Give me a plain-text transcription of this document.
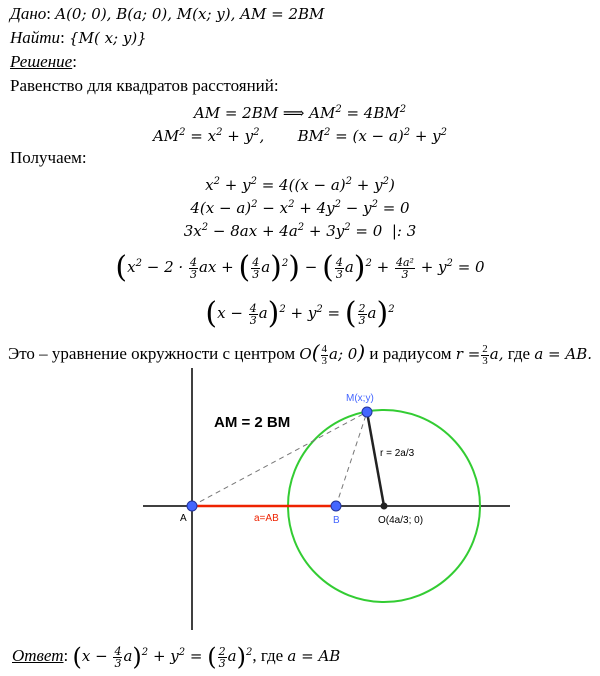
Дано: A(0; 0), B(a; 0), M(x; y), AM = 2BM
Найти: {M( x; y)}
Решение:
Равенство для квадратов расстояний:
AM = 2BM ⟹ $AM^2 = 4BM^2$
$AM^2 = x^2 + y^2$,       $BM^2 = (x - a)^2 + y^2$
Получаем:
$x^2 + y^2 = 4((x - a)^2 + y^2)$
$4(x - a)^2 - x^2 + 4y^2 - y^2 = 0$
$3x^2 - 8ax + 4a^2 + 3y^2 = 0$  |: 3
($x^2 - 2 \cdot \frac{4}{3}$ ax + ( $\frac{4}{3} a)^2$) − ( $\frac{4}{3} a)^2 + \frac{\text{4a²}}{3} + y^2 = 0$
$(x - \frac{4}{3} a)^2 + y^2$ = ( $\frac{2}{3} a)^2$
Это – уравнение окружности с центром $O( \frac{4}{3} a$; 0) и радиусом $r = \frac{2}{3} a$, где a = AB.
AM = 2 BM
A	B
M(x;y)
O(4a/3; 0)
a=AB
r = 2a/3
Ответ: $(x - \frac{4}{3} a)^2 + y^2$ = ( $\frac{2}{3} a)^2$, где a = AB
